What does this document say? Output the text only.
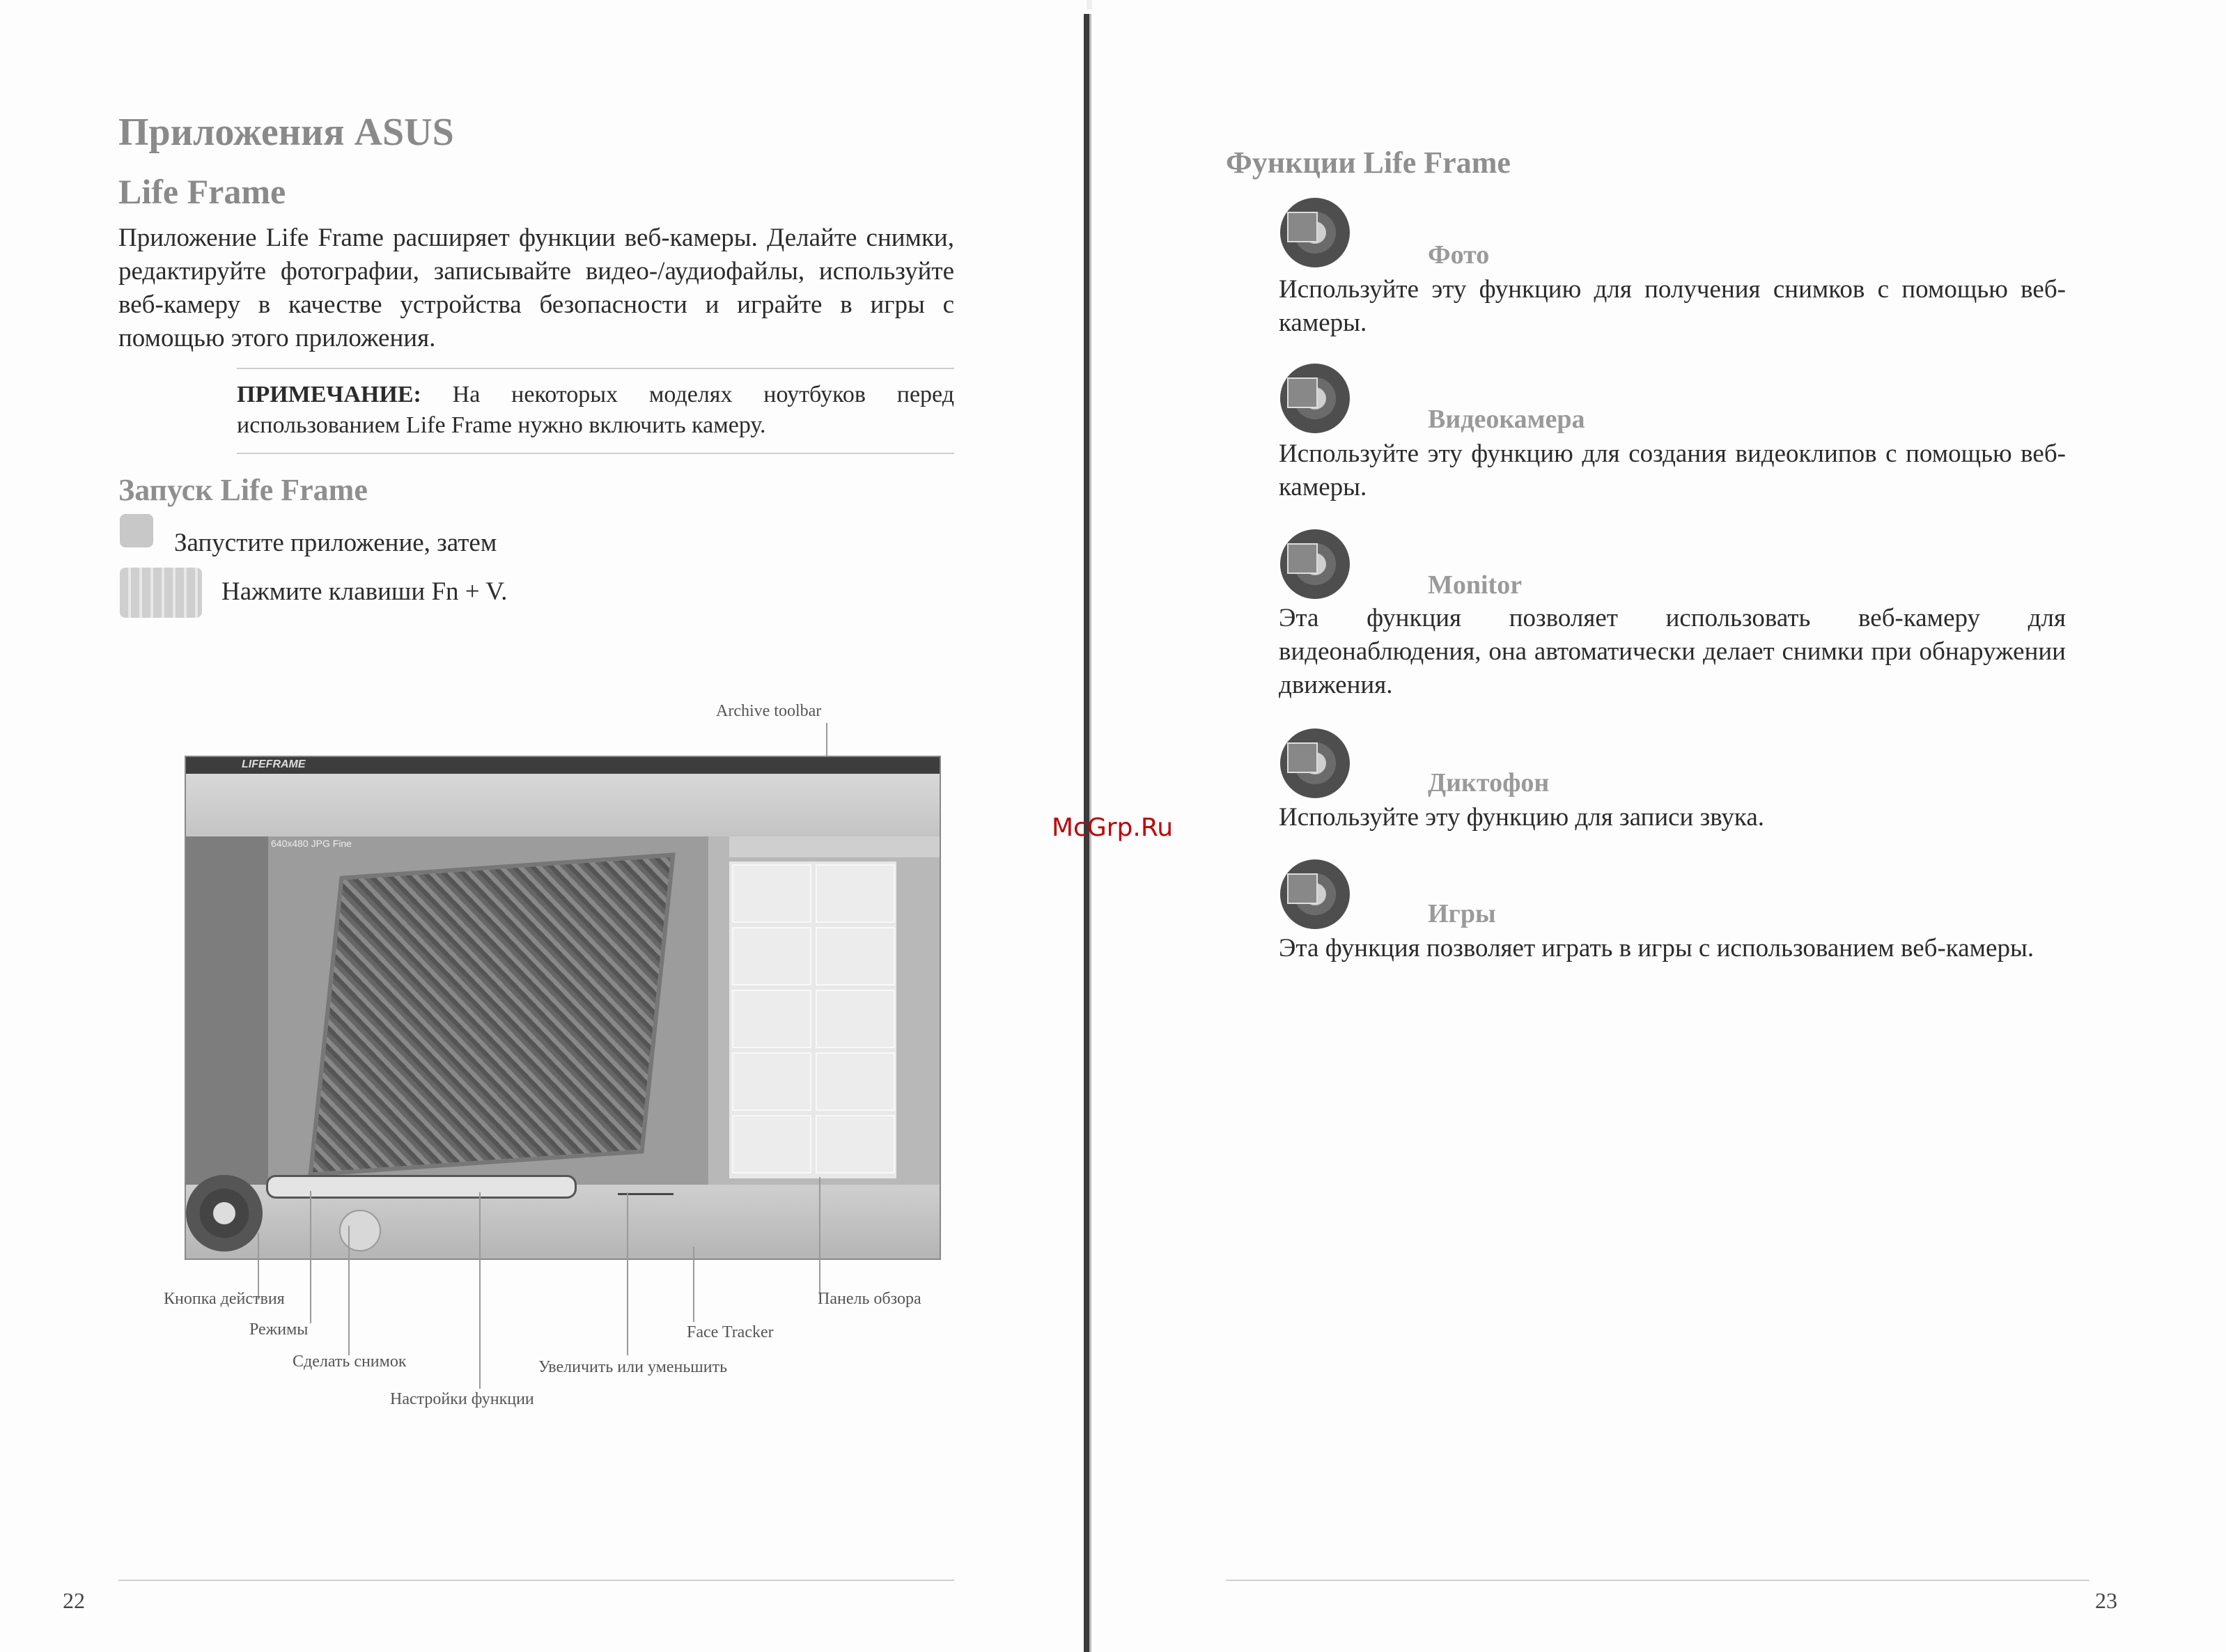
Приложения ASUS
Life Frame
Приложение Life Frame расширяет функции веб-камеры. Делайте снимки, редактируйте фотографии, записывайте видео-/аудиофайлы, используйте веб-камеру в качестве устройства безопасности и играйте в игры с помощью этого приложения.
ПРИМЕЧАНИЕ: На некоторых моделях ноутбуков перед использованием Life Frame нужно включить камеру.
Запуск Life Frame
Запустите приложение, затем
Нажмите клавиши Fn + V.
Archive toolbar
LIFEFRAME
640x480 JPG Fine
Кнопка действия
Режимы
Сделать снимок
Настройки функции
Увеличить или уменьшить
Face Tracker
Панель обзора
22
Функции Life Frame
Фото
Используйте эту функцию для получения снимков с помощью веб-камеры.
Видеокамера
Используйте эту функцию для создания видеоклипов с помощью веб-камеры.
Monitor
Эта функция позволяет использовать веб-камеру для видеонаблюдения, она автоматически делает снимки при обнаружении движения.
Диктофон
Используйте эту функцию для записи звука.
Игры
Эта функция позволяет играть в игры с использованием веб-камеры.
23
McGrp.Ru
